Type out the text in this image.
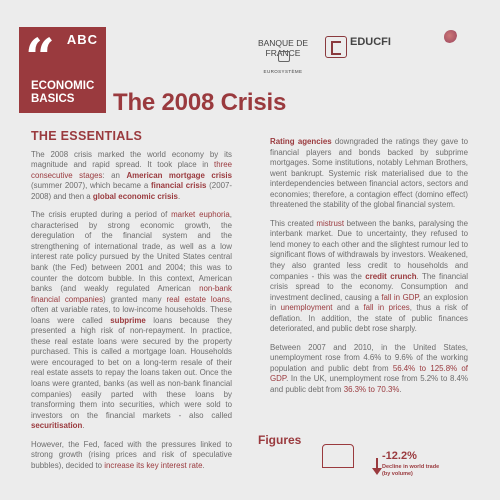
“ ABC
ECONOMIC
BASICS	The 2008 Crisis
BANQUE DE FRANCE
EUROSYSTÈME
EDUCFI
THE ESSENTIALS

The 2008 crisis marked the world economy by its magnitude and rapid spread. It took place in three consecutive stages: an American mortgage crisis (summer 2007), which became a financial crisis (2007-2008) and then a global economic crisis.

The crisis erupted during a period of market euphoria, characterised by strong economic growth, the deregulation of the financial system and the strengthening of international trade, as well as a low interest rate policy pursued by the United States central bank (the Fed) between 2001 and 2004; this was to counter the dotcom bubble. In this context, American banks (and weakly regulated American non-bank financial companies) granted many real estate loans, often at variable rates, to low-income households. These loans were called subprime loans because they presented a high risk of non-repayment. In practice, these real estate loans were secured by the property purchased. This is called a mortgage loan. Households were encouraged to bet on a long-term resale of their real estate assets to repay the loans taken out. Once the loans were granted, banks (as well as non-bank financial companies) easily parted with these loans by transforming them into securities, which were sold to investors on the financial markets - also called securitisation.

However, the Fed, faced with the pressures linked to strong growth (rising prices and risk of speculative bubbles), decided to increase its key interest rate.

Rating agencies downgraded the ratings they gave to financial players and bonds backed by subprime mortgages. Some institutions, notably Lehman Brothers, went bankrupt. Systemic risk materialised due to the interdependencies between financial actors, sectors and economies; therefore, a contagion effect (domino effect) threatened the stability of the global financial system.

This created mistrust between the banks, paralysing the interbank market. Due to uncertainty, they refused to lend money to each other and the slightest rumour led to significant flows of withdrawals by investors. Weakened, they also granted less credit to households and companies - this was the credit crunch. The financial crisis spread to the economy. Consumption and investment declined, causing a fall in GDP, an explosion in unemployment and a fall in prices, thus a risk of deflation. In addition, the state of public finances deteriorated, and public debt rose sharply.

Between 2007 and 2010, in the United States, unemployment rose from 4.6% to 9.6% of the working population and public debt from 56.4% to 125.8% of GDP. In the UK, unemployment rose from 5.2% to 8.4% and public debt from 36.3% to 70.3%.

Figures
-12.2%
Decline in world trade
(by volume)
